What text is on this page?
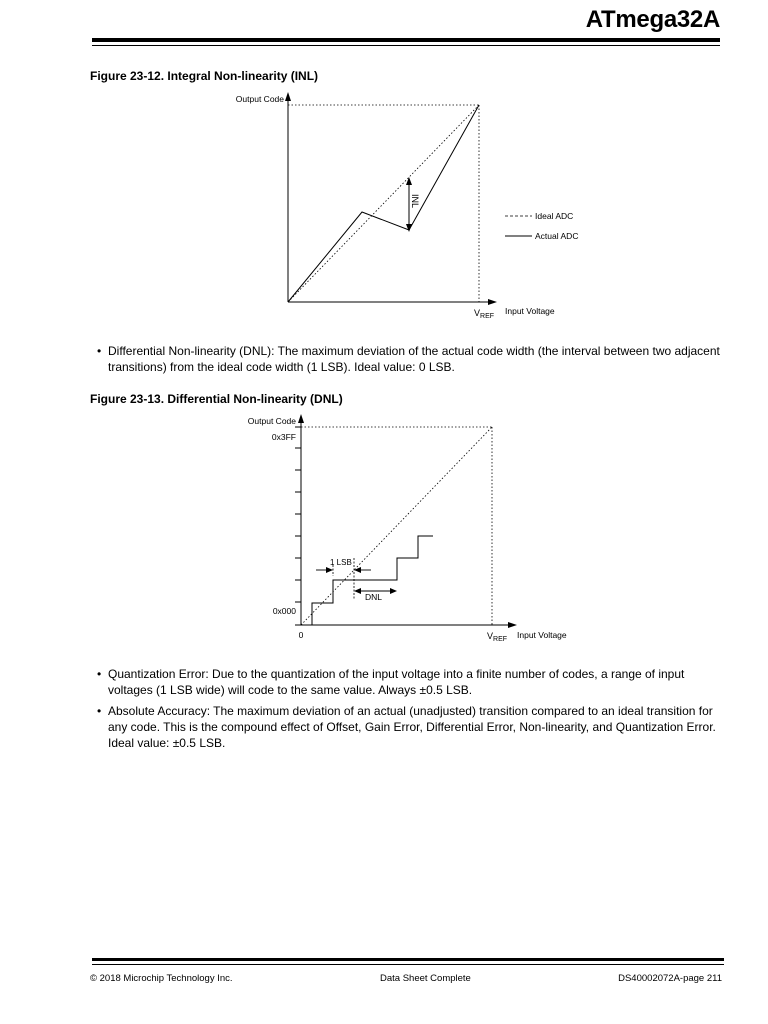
ATmega32A
Figure 23-12. Integral Non-linearity (INL)
INL
Output Code
$V_{REF}$
Input Voltage
Ideal ADC
Actual ADC
• Differential Non-linearity (DNL): The maximum deviation of the actual code width (the interval between two adjacent transitions) from the ideal code width (1 LSB). Ideal value: 0 LSB.
Figure 23-13. Differential Non-linearity (DNL)
1 LSB
DNL
Output Code
0x3FF
0x000
0	$V_{REF}$ Input Voltage
• Quantization Error: Due to the quantization of the input voltage into a finite number of codes, a range of input voltages (1 LSB wide) will code to the same value. Always ±0.5 LSB.
• Absolute Accuracy: The maximum deviation of an actual (unadjusted) transition compared to an ideal transition for any code. This is the compound effect of Offset, Gain Error, Differential Error, Non-linearity, and Quantization Error. Ideal value: ±0.5 LSB.
© 2018 Microchip Technology Inc.	Data Sheet Complete	DS40002072A-page 211
